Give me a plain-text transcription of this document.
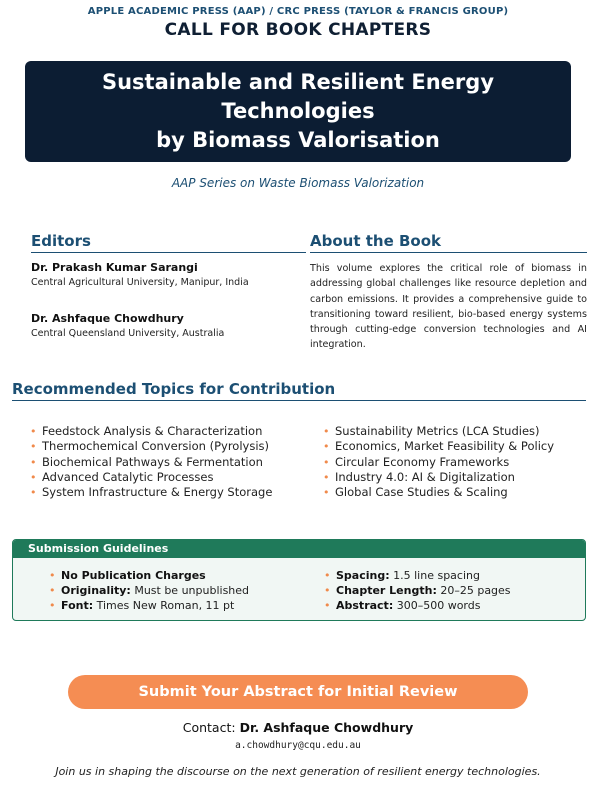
APPLE ACADEMIC PRESS (AAP) / CRC PRESS (TAYLOR & FRANCIS GROUP)
CALL FOR BOOK CHAPTERS
Sustainable and Resilient Energy
Technologies
by Biomass Valorisation
AAP Series on Waste Biomass Valorization
Editors
Dr. Prakash Kumar Sarangi
Central Agricultural University, Manipur, India
Dr. Ashfaque Chowdhury
Central Queensland University, Australia
About the Book
This volume explores the critical role of biomass in addressing global challenges like resource depletion and carbon emissions. It provides a comprehensive guide to transitioning toward resilient, bio-based energy systems through cutting-edge conversion technologies and AI integration.
Recommended Topics for Contribution
• Feedstock Analysis & Characterization
• Thermochemical Conversion (Pyrolysis)
• Biochemical Pathways & Fermentation
• Advanced Catalytic Processes
• System Infrastructure & Energy Storage
• Sustainability Metrics (LCA Studies)
• Economics, Market Feasibility & Policy
• Circular Economy Frameworks
• Industry 4.0: AI & Digitalization
• Global Case Studies & Scaling
Submission Guidelines
• No Publication Charges
• Originality: Must be unpublished
• Font: Times New Roman, 11 pt
• Spacing: 1.5 line spacing
• Chapter Length: 20–25 pages
• Abstract: 300–500 words
Submit Your Abstract for Initial Review
Contact: Dr. Ashfaque Chowdhury
a.chowdhury@cqu.edu.au
Join us in shaping the discourse on the next generation of resilient energy technologies.
